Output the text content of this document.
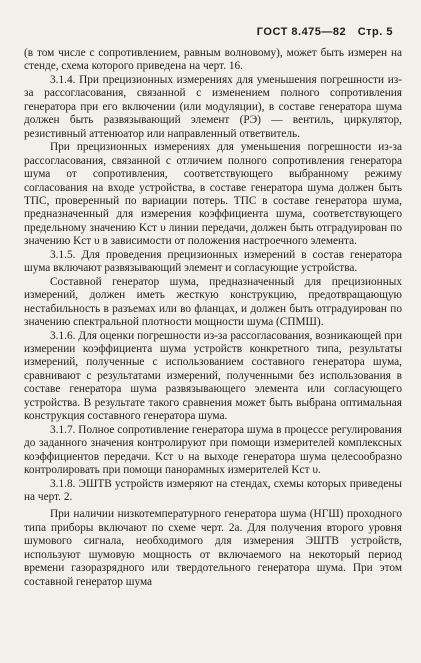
ГОСТ 8.475—82 Стр. 5

(в том числе с сопротивлением, равным волновому), может быть измерен на стенде, схема которого приведена на черт. 16.

3.1.4. При прецизионных измерениях для уменьшения погрешности из-за рассогласования, связанной с изменением полного сопротивления генератора при его включении (или модуляции), в составе генератора шума должен быть развязывающий элемент (РЭ) — вентиль, циркулятор, резистивный аттенюатор или направленный ответвитель.

При прецизионных измерениях для уменьшения погрешности из-за рассогласования, связанной с отличием полного сопротивления генератора шума от сопротивления, соответствующего выбранному режиму согласования на входе устройства, в составе генератора шума должен быть ТПС, проверенный по вариации потерь. ТПС в составе генератора шума, предназначенный для измерения коэффициента шума, соответствующего предельному значению Kст υ линии передачи, должен быть отградуирован по значению Kст υ в зависимости от положения настроечного элемента.

3.1.5. Для проведения прецизионных измерений в состав генератора шума включают развязывающий элемент и согласующие устройства.

Составной генератор шума, предназначенный для прецизионных измерений, должен иметь жесткую конструкцию, предотвращающую нестабильность в разъемах или во фланцах, и должен быть отградуирован по значению спектральной плотности мощности шума (СПМШ).

3.1.6. Для оценки погрешности из-за рассогласования, возникающей при измерении коэффициента шума устройств конкретного типа, результаты измерений, полученные с использованием составного генератора шума, сравнивают с результатами измерений, полученными без использования в составе генератора шума развязывающего элемента или согласующего устройства. В результате такого сравнения может быть выбрана оптимальная конструкция составного генератора шума.

3.1.7. Полное сопротивление генератора шума в процессе регулирования до заданного значения контролируют при помощи измерителей комплексных коэффициентов передачи. Kст υ на выходе генератора шума целесообразно контролировать при помощи панорамных измерителей Kст υ.

3.1.8. ЭШТВ устройств измеряют на стендах, схемы которых приведены на черт. 2.

При наличии низкотемпературного генератора шума (НГШ) проходного типа приборы включают по схеме черт. 2а. Для получения второго уровня шумового сигнала, необходимого для измерения ЭШТВ устройств, используют шумовую мощность от включаемого на некоторый период времени газоразрядного или твердотельного генератора шума. При этом составной генератор шума
